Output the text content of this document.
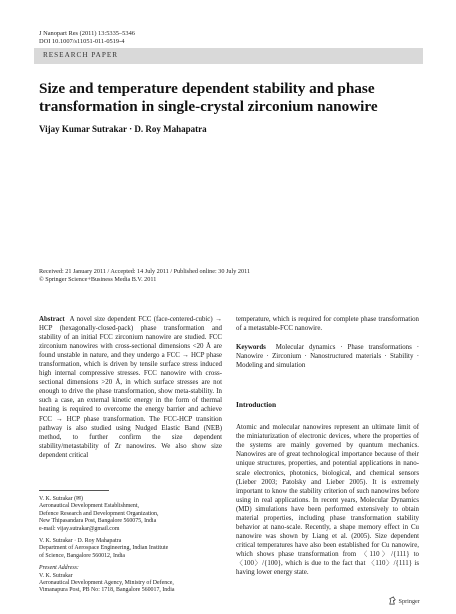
J Nanopart Res (2011) 13:5335–5346
DOI 10.1007/s11051-011-0519-4
RESEARCH PAPER
Size and temperature dependent stability and phase transformation in single-crystal zirconium nanowire
Vijay Kumar Sutrakar · D. Roy Mahapatra
Received: 21 January 2011 / Accepted: 14 July 2011 / Published online: 30 July 2011
© Springer Science+Business Media B.V. 2011

Abstract A novel size dependent FCC (face-centered-cubic) → HCP (hexagonally-closed-pack) phase transformation and stability of an initial FCC zirconium nanowire are studied. FCC zirconium nanowires with cross-sectional dimensions <20 Å are found unstable in nature, and they undergo a FCC → HCP phase transformation, which is driven by tensile surface stress induced high internal compressive stresses. FCC nanowire with cross-sectional dimensions >20 Å, in which surface stresses are not enough to drive the phase transformation, show meta-stability. In such a case, an external kinetic energy in the form of thermal heating is required to overcome the energy barrier and achieve FCC → HCP phase transformation. The FCC-HCP transition pathway is also studied using Nudged Elastic Band (NEB) method, to further confirm the size dependent stability/metastability of Zr nanowires. We also show size dependent critical

temperature, which is required for complete phase transformation of a metastable-FCC nanowire.

Keywords Molecular dynamics · Phase transformations · Nanowire · Zirconium · Nanostructured materials · Stability · Modeling and simulation

Introduction

Atomic and molecular nanowires represent an ultimate limit of the miniaturization of electronic devices, where the properties of the systems are mainly governed by quantum mechanics. Nanowires are of great technological importance because of their unique structures, properties, and potential applications in nano-scale electronics, photonics, biological, and chemical sensors (Lieber 2003; Patolsky and Lieber 2005). It is extremely important to know the stability criterion of such nanowires before using in real applications. In recent years, Molecular Dynamics (MD) simulations have been performed extensively to obtain material properties, including phase transformation stability behavior at nano-scale. Recently, a shape memory effect in Cu nanowire was shown by Liang et al. (2005). Size dependent critical temperatures have also been established for Cu nanowire, which shows phase transformation from 〈110〉/{111} to 〈100〉/{100}, which is due to the fact that 〈110〉/{111} is having lower energy state.

V. K. Sutrakar (✉)
Aeronautical Development Establishment,
Defence Research and Development Organization,
New Thipasandara Post, Bangalore 560075, India
e-mail: vijay.sutrakar@gmail.com

V. K. Sutrakar · D. Roy Mahapatra
Department of Aerospace Engineering, Indian Institute
of Science, Bangalore 560012, India

Present Address:
V. K. Sutrakar
Aeronautical Development Agency, Ministry of Defence,
Vimanapura Post, PB No: 1718, Bangalore 560017, India

Springer
